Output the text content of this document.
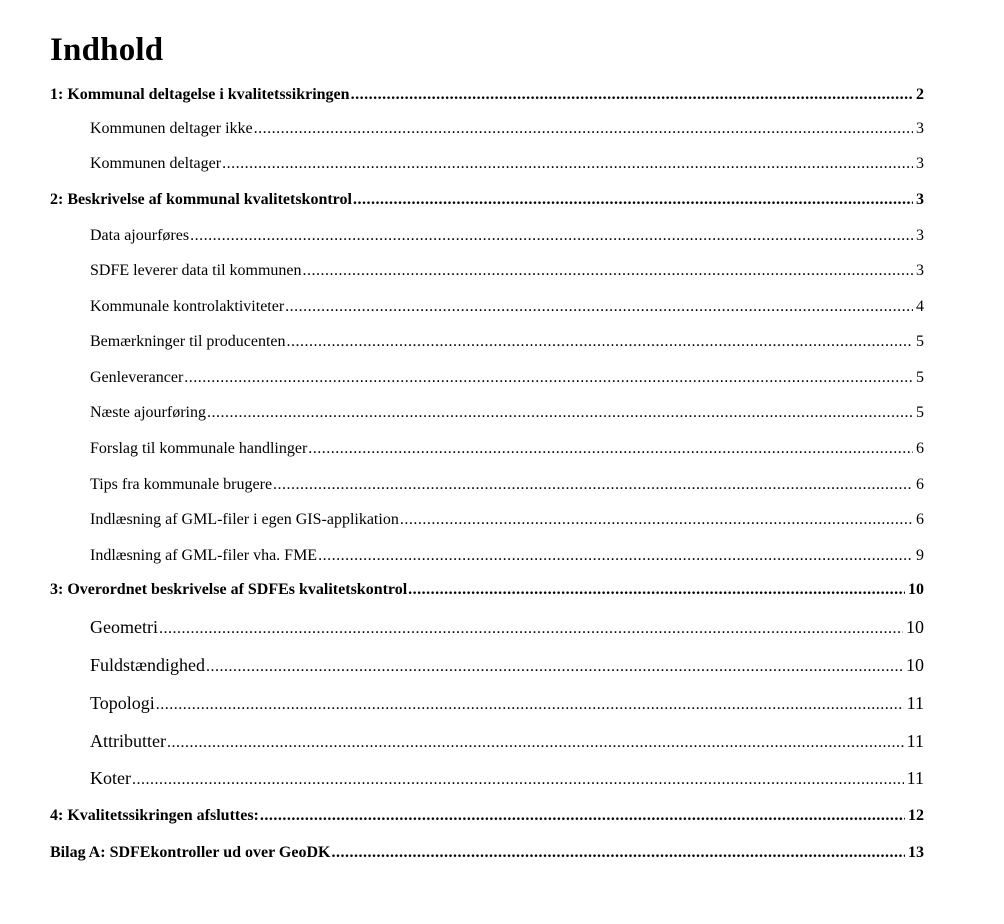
Indhold
1: Kommunal deltagelse i kvalitetssikringen .....	2
Kommunen deltager ikke .....	3
Kommunen deltager .....	3
2: Beskrivelse af kommunal kvalitetskontrol .....	3
Data ajourføres .....	3
SDFE leverer data til kommunen .....	3
Kommunale kontrolaktiviteter .....	4
Bemærkninger til producenten .....	5
Genleverancer .....	5
Næste ajourføring .....	5
Forslag til kommunale handlinger .....	6
Tips fra kommunale brugere .....	6
Indlæsning af GML-filer i egen GIS-applikation .....	6
Indlæsning af GML-filer vha. FME .....	9
3: Overordnet beskrivelse af SDFEs kvalitetskontrol .....	10
Geometri .....	10
Fuldstændighed .....	10
Topologi .....	11
Attributter .....	11
Koter .....	11
4: Kvalitetssikringen afsluttes: .....	12
Bilag A: SDFEkontroller ud over GeoDK .....	13
